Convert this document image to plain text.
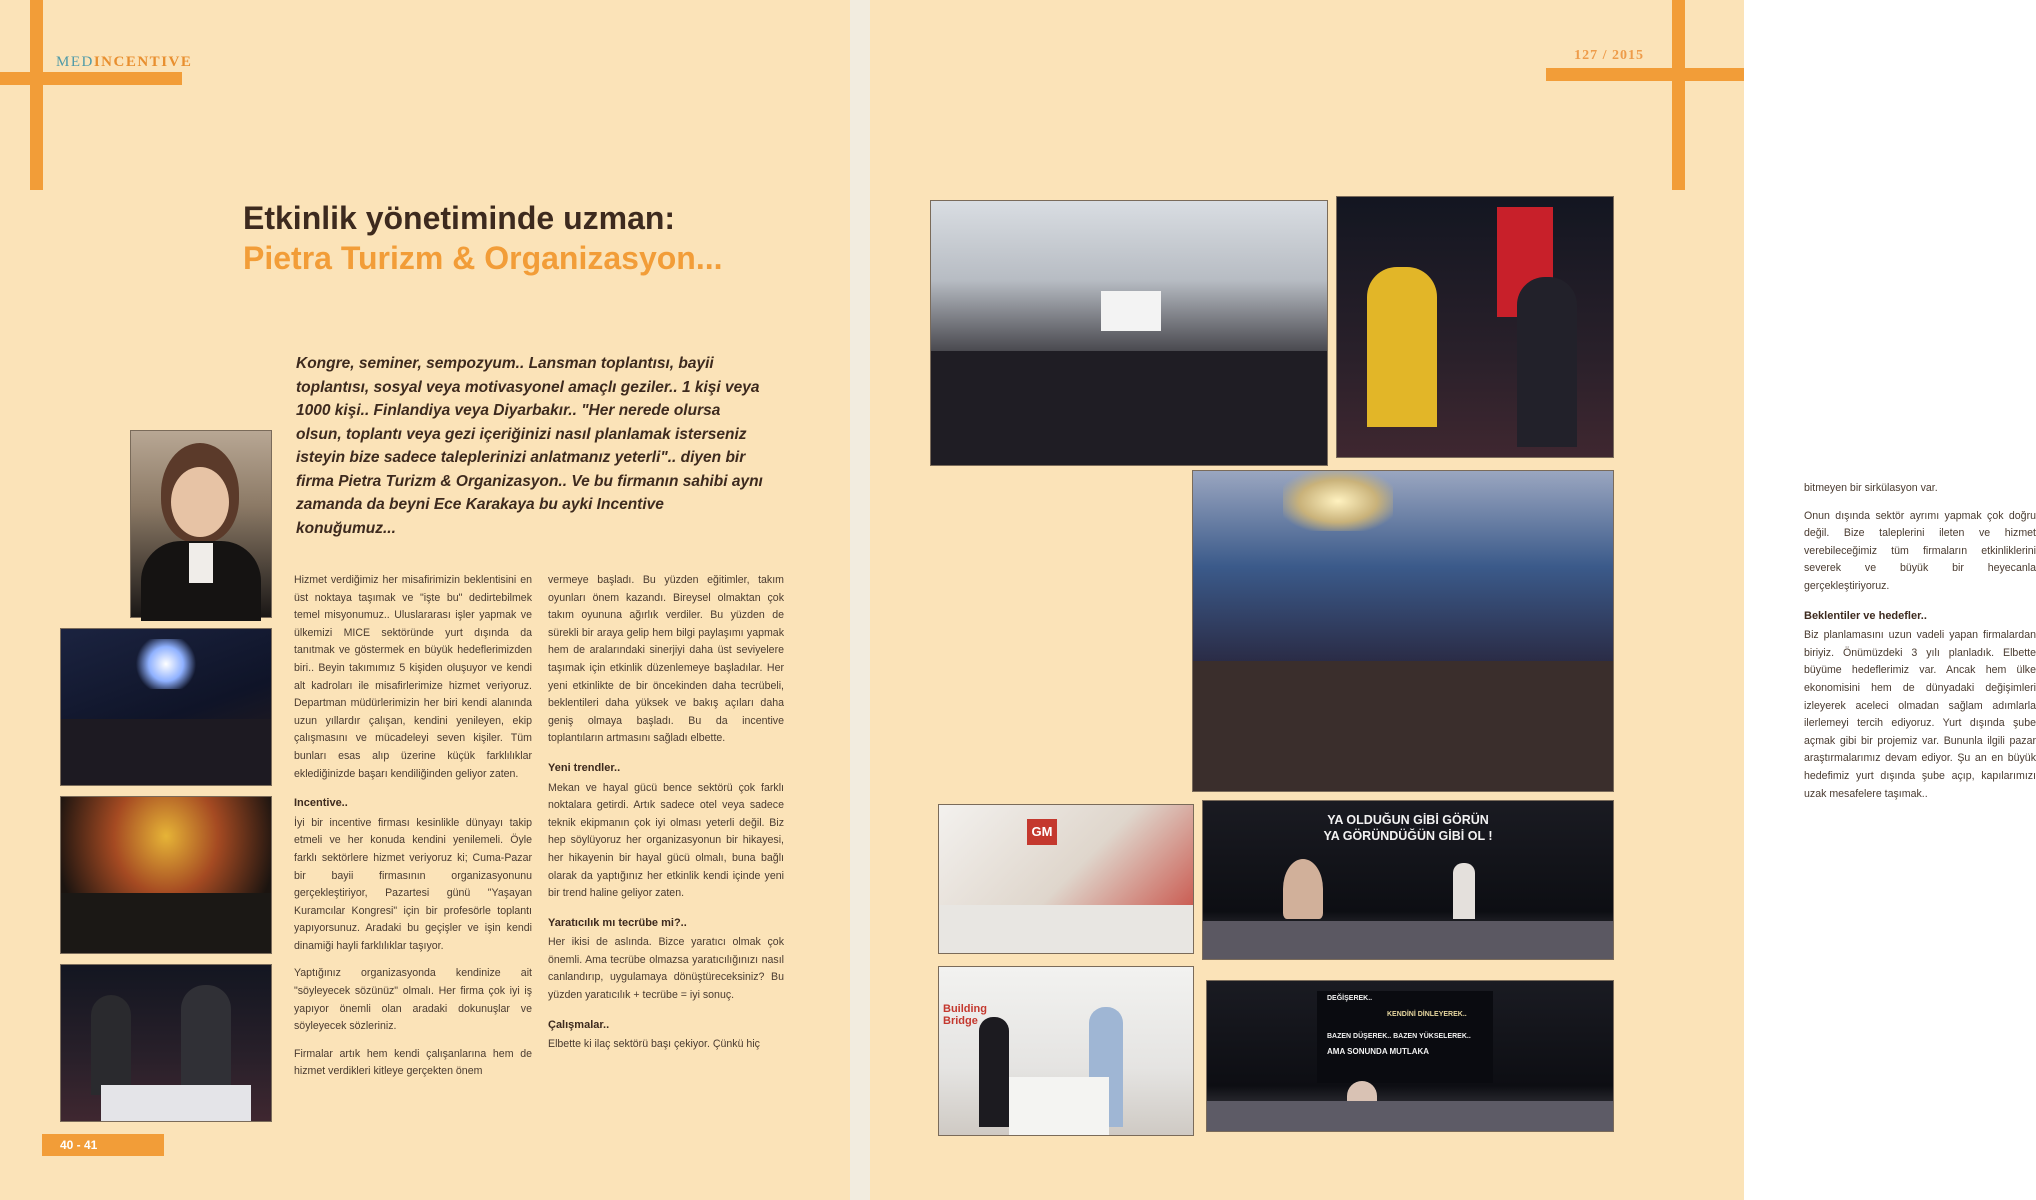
MEDINCENTIVE

Etkinlik yönetiminde uzman:
Pietra Turizm & Organizasyon...

Kongre, seminer, sempozyum.. Lansman toplantısı, bayii toplantısı, sosyal veya motivasyonel amaçlı geziler.. 1 kişi veya 1000 kişi.. Finlandiya veya Diyarbakır.. "Her nerede olursa olsun, toplantı veya gezi içeriğinizi nasıl planlamak isterseniz isteyin bize sadece taleplerinizi anlatmanız yeterli".. diyen bir firma Pietra Turizm & Organizasyon.. Ve bu firmanın sahibi aynı zamanda da beyni Ece Karakaya bu ayki Incentive konuğumuz...

Hizmet verdiğimiz her misafirimizin beklentisini en üst noktaya taşımak ve "işte bu" dedirtebilmek temel misyonumuz.. Uluslararası işler yapmak ve ülkemizi MICE sektöründe yurt dışında da tanıtmak ve göstermek en büyük hedeflerimizden biri.. Beyin takımımız 5 kişiden oluşuyor ve kendi alt kadroları ile misafirlerimize hizmet veriyoruz. Departman müdürlerimizin her biri kendi alanında uzun yıllardır çalışan, kendini yenileyen, ekip çalışmasını ve mücadeleyi seven kişiler. Tüm bunları esas alıp üzerine küçük farklılıklar eklediğinizde başarı kendiliğinden geliyor zaten.

Incentive..

İyi bir incentive firması kesinlikle dünyayı takip etmeli ve her konuda kendini yenilemeli. Öyle farklı sektörlere hizmet veriyoruz ki; Cuma-Pazar bir bayii firmasının organizasyonunu gerçekleştiriyor, Pazartesi günü "Yaşayan Kuramcılar Kongresi" için bir profesörle toplantı yapıyorsunuz. Aradaki bu geçişler ve işin kendi dinamiği hayli farklılıklar taşıyor.

Yaptığınız organizasyonda kendinize ait "söyleyecek sözünüz" olmalı. Her firma çok iyi iş yapıyor önemli olan aradaki dokunuşlar ve söyleyecek sözleriniz.

Firmalar artık hem kendi çalışanlarına hem de hizmet verdikleri kitleye gerçekten önem

vermeye başladı. Bu yüzden eğitimler, takım oyunları önem kazandı. Bireysel olmaktan çok takım oyununa ağırlık verdiler. Bu yüzden de sürekli bir araya gelip hem bilgi paylaşımı yapmak hem de aralarındaki sinerjiyi daha üst seviyelere taşımak için etkinlik düzenlemeye başladılar. Her yeni etkinlikte de bir öncekinden daha tecrübeli, beklentileri daha yüksek ve bakış açıları daha geniş olmaya başladı. Bu da incentive toplantıların artmasını sağladı elbette.

Yeni trendler..

Mekan ve hayal gücü bence sektörü çok farklı noktalara getirdi. Artık sadece otel veya sadece teknik ekipmanın çok iyi olması yeterli değil. Biz hep söylüyoruz her organizasyonun bir hikayesi, her hikayenin bir hayal gücü olmalı, buna bağlı olarak da yaptığınız her etkinlik kendi içinde yeni bir trend haline geliyor zaten.

Yaratıcılık mı tecrübe mi?..

Her ikisi de aslında. Bizce yaratıcı olmak çok önemli. Ama tecrübe olmazsa yaratıcılığınızı nasıl canlandırıp, uygulamaya dönüştüreceksiniz? Bu yüzden yaratıcılık + tecrübe = iyi sonuç.

Çalışmalar..

Elbette ki ilaç sektörü başı çekiyor. Çünkü hiç

40 - 41

127 / 2015

bitmeyen bir sirkülasyon var.

Onun dışında sektör ayrımı yapmak çok doğru değil. Bize taleplerini ileten ve hizmet verebileceğimiz tüm firmaların etkinliklerini severek ve büyük bir heyecanla gerçekleştiriyoruz.

Beklentiler ve hedefler..

Biz planlamasını uzun vadeli yapan firmalardan biriyiz. Önümüzdeki 3 yılı planladık. Elbette büyüme hedeflerimiz var. Ancak hem ülke ekonomisini hem de dünyadaki değişimleri izleyerek aceleci olmadan sağlam adımlarla ilerlemeyi tercih ediyoruz. Yurt dışında şube açmak gibi bir projemiz var. Bununla ilgili pazar araştırmalarımız devam ediyor. Şu an en büyük hedefimiz yurt dışında şube açıp, kapılarımızı uzak mesafelere taşımak..

GM

YA OLDUĞUN GİBİ GÖRÜN

YA GÖRÜNDÜĞÜN GİBİ OL !

Building Bridge

DEĞİŞEREK..

KENDİNİ DİNLEYEREK..

BAZEN DÜŞEREK.. BAZEN YÜKSELEREK..

AMA SONUNDA MUTLAKA
